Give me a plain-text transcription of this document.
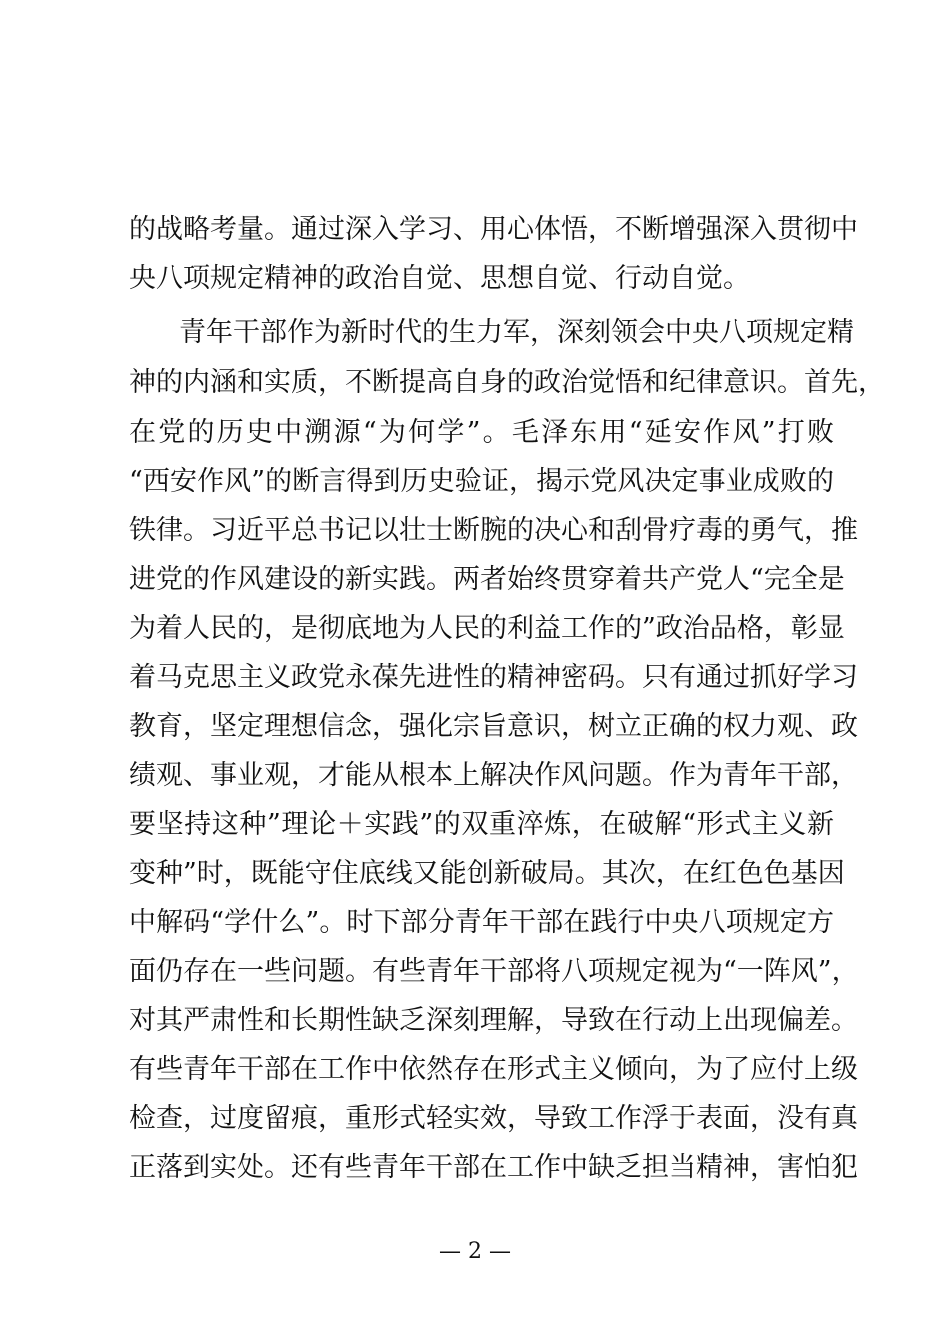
的战略考量。通过深入学习、用心体悟，不断增强深入贯彻中
央八项规定精神的政治自觉、思想自觉、行动自觉。
青年干部作为新时代的生力军，深刻领会中央八项规定精
神的内涵和实质，不断提高自身的政治觉悟和纪律意识。首先，
在党的历史中溯源“为何学”。毛泽东用“延安作风”打败
“西安作风”的断言得到历史验证，揭示党风决定事业成败的
铁律。习近平总书记以壮士断腕的决心和刮骨疗毒的勇气，推
进党的作风建设的新实践。两者始终贯穿着共产党人“完全是
为着人民的，是彻底地为人民的利益工作的”政治品格，彰显
着马克思主义政党永葆先进性的精神密码。只有通过抓好学习
教育，坚定理想信念，强化宗旨意识，树立正确的权力观、政
绩观、事业观，才能从根本上解决作风问题。作为青年干部，
要坚持这种”理论＋实践”的双重淬炼，在破解“形式主义新
变种”时，既能守住底线又能创新破局。其次，在红色色基因
中解码“学什么”。时下部分青年干部在践行中央八项规定方
面仍存在一些问题。有些青年干部将八项规定视为“一阵风”，
对其严肃性和长期性缺乏深刻理解，导致在行动上出现偏差。
有些青年干部在工作中依然存在形式主义倾向，为了应付上级
检查，过度留痕，重形式轻实效，导致工作浮于表面，没有真
正落到实处。还有些青年干部在工作中缺乏担当精神，害怕犯
— 2 —
